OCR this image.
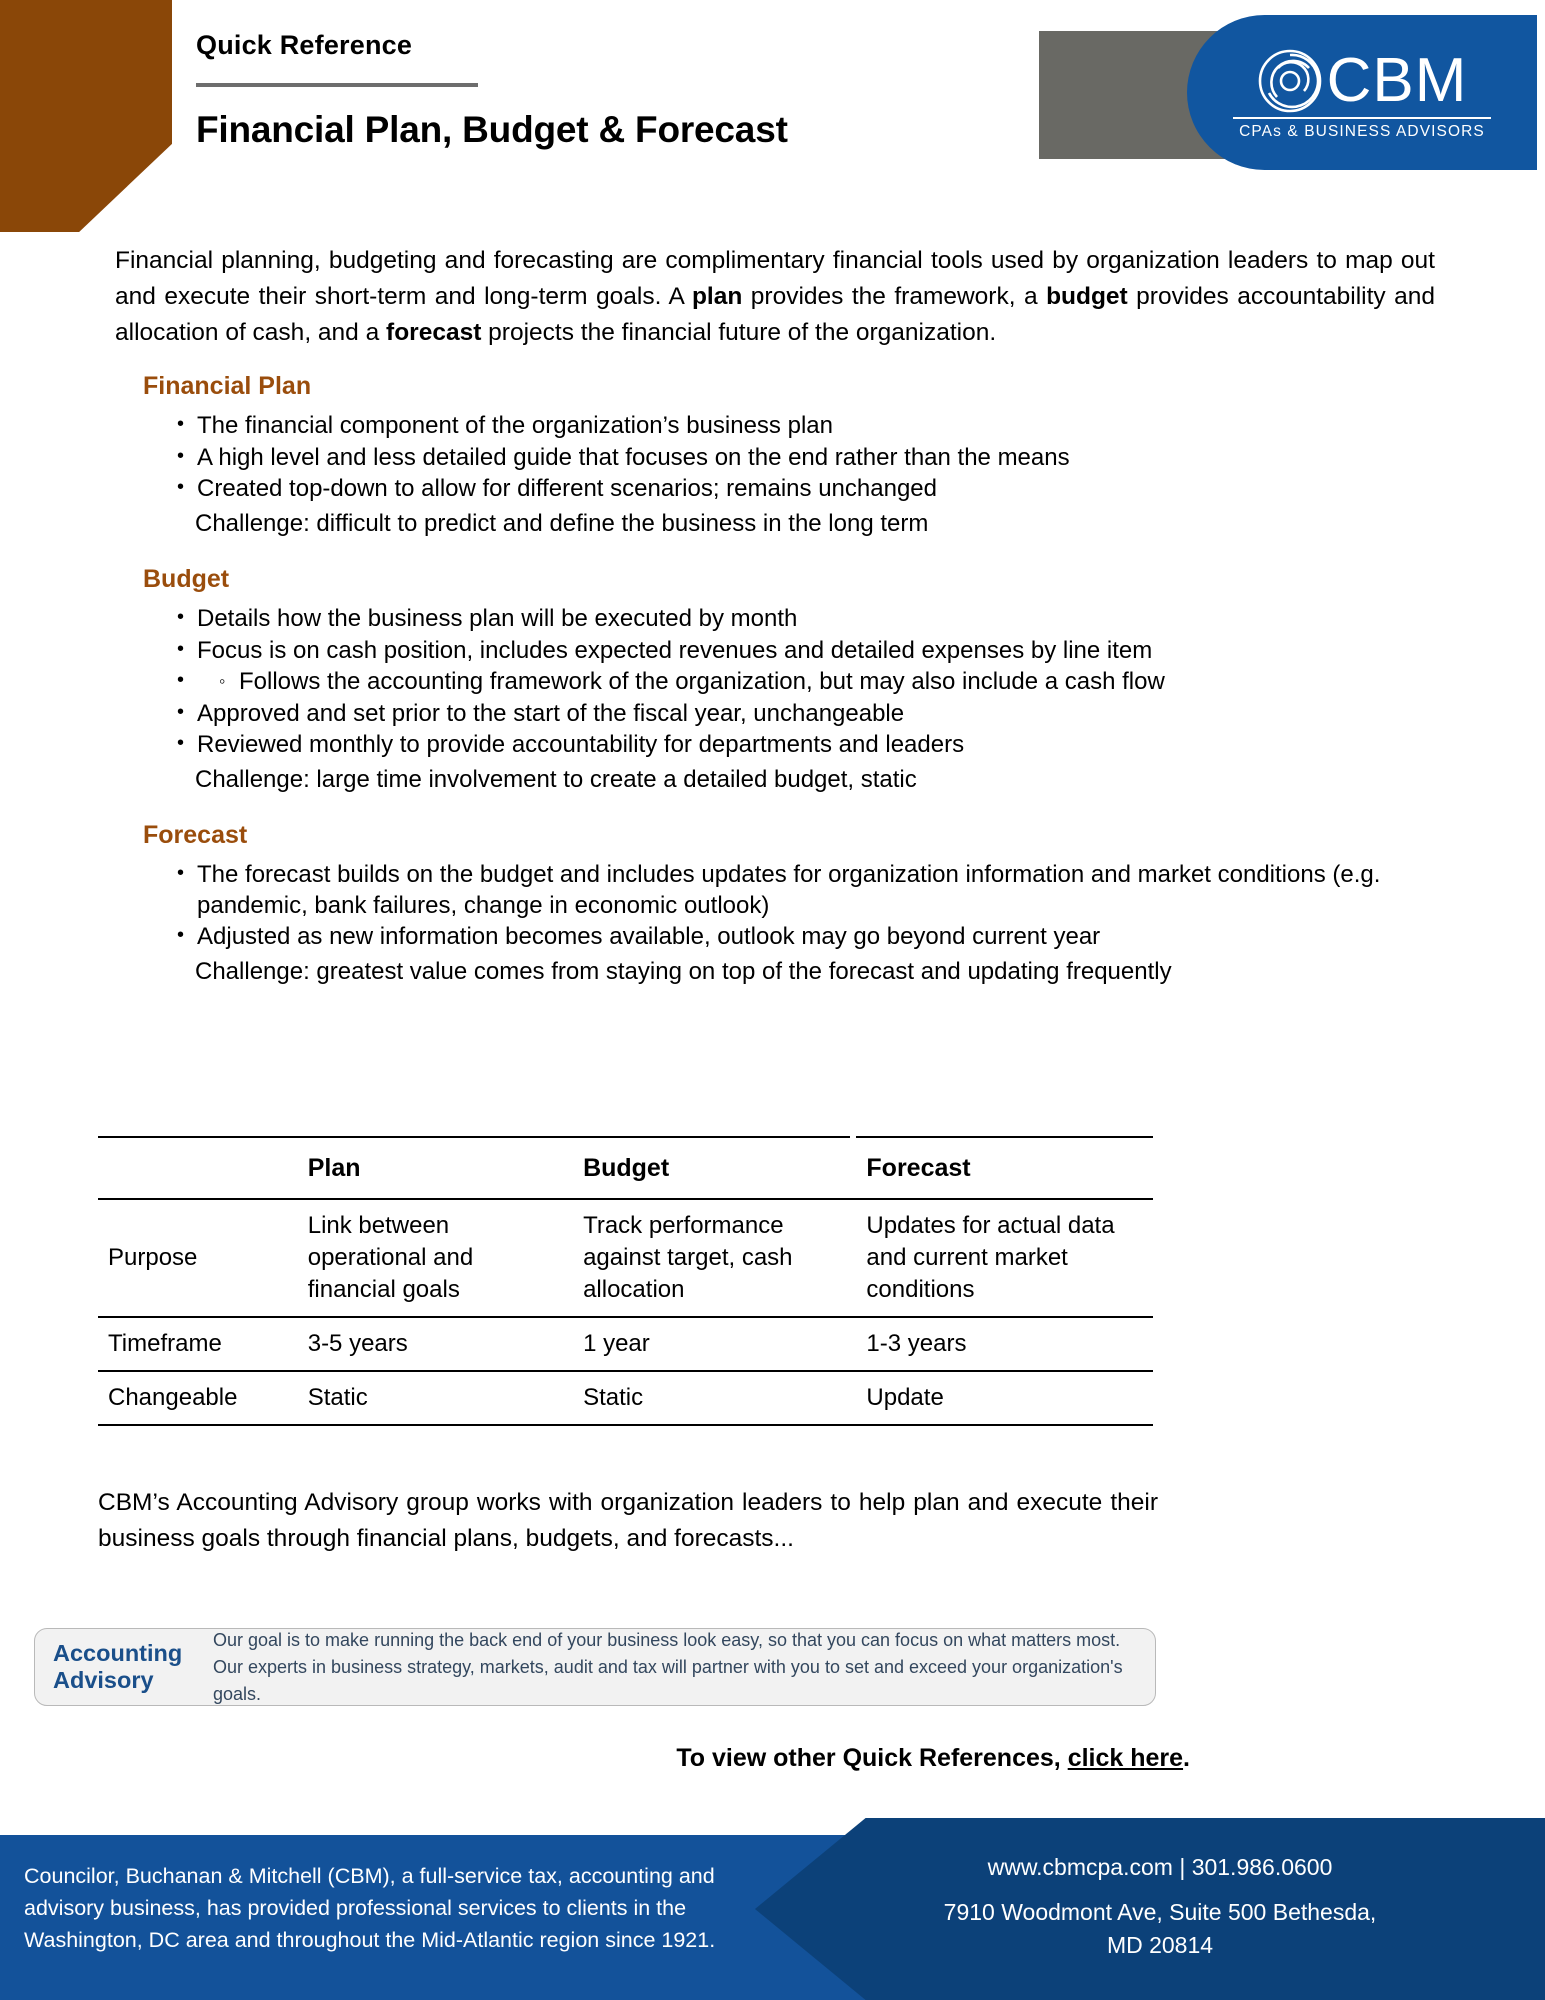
Quick Reference
Financial Plan, Budget & Forecast
CBM
CPAs & BUSINESS ADVISORS

Financial planning, budgeting and forecasting are complimentary financial tools used by organization leaders to map out and execute their short-term and long-term goals. A plan provides the framework, a budget provides accountability and allocation of cash, and a forecast projects the financial future of the organization.

Financial Plan
• The financial component of the organization’s business plan
• A high level and less detailed guide that focuses on the end rather than the means
• Created top-down to allow for different scenarios; remains unchanged
Challenge: difficult to predict and define the business in the long term
Budget
• Details how the business plan will be executed by month
• Focus is on cash position, includes expected revenues and detailed expenses by line item
◦ • Follows the accounting framework of the organization, but may also include a cash flow
• Approved and set prior to the start of the fiscal year, unchangeable
• Reviewed monthly to provide accountability for departments and leaders
Challenge: large time involvement to create a detailed budget, static
Forecast
• The forecast builds on the budget and includes updates for organization information and market conditions (e.g. pandemic, bank failures, change in economic outlook)
• Adjusted as new information becomes available, outlook may go beyond current year
Challenge: greatest value comes from staying on top of the forecast and updating frequently
	Plan	Budget	Forecast
Purpose	Link between operational and financial goals	Track performance against target, cash allocation	Updates for actual data and current market conditions
Timeframe	3-5 years	1 year	1-3 years
Changeable	Static	Static	Update

CBM’s Accounting Advisory group works with organization leaders to help plan and execute their business goals through financial plans, budgets, and forecasts...

Accounting
Advisory
Our goal is to make running the back end of your business look easy, so that you can focus on what matters most.
Our experts in business strategy, markets, audit and tax will partner with you to set and exceed your organization's goals.
To view other Quick References, click here.
Councilor, Buchanan & Mitchell (CBM), a full-service tax, accounting and advisory business, has provided professional services to clients in the Washington, DC area and throughout the Mid-Atlantic region since 1921.
www.cbmcpa.com | 301.986.0600
7910 Woodmont Ave, Suite 500 Bethesda,
MD 20814
